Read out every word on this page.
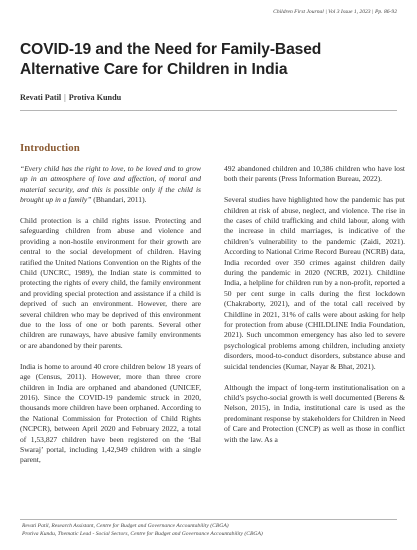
Children First Journal | Vol 3 Issue 1, 2023 | Pp. 86-92
COVID-19 and the Need for Family-Based Alternative Care for Children in India
Revati Patil | Protiva Kundu
Introduction

“Every child has the right to love, to be loved and to grow up in an atmosphere of love and affection, of moral and material security, and this is possible only if the child is brought up in a family” (Bhandari, 2011).

Child protection is a child rights issue. Protecting and safeguarding children from abuse and violence and providing a non-hostile environment for their growth are central to the social development of children. Having ratified the United Nations Convention on the Rights of the Child (UNCRC, 1989), the Indian state is committed to protecting the rights of every child, the family environment and providing special protection and assistance if a child is deprived of such an environment. However, there are several children who may be deprived of this environment due to the loss of one or both parents. Several other children are runaways, have abusive family environments or are abandoned by their parents.

India is home to around 40 crore children below 18 years of age (Census, 2011). However, more than three crore children in India are orphaned and abandoned (UNICEF, 2016). Since the COVID-19 pandemic struck in 2020, thousands more children have been orphaned. According to the National Commission for Protection of Child Rights (NCPCR), between April 2020 and February 2022, a total of 1,53,827 children have been registered on the ‘Bal Swaraj’ portal, including 1,42,949 children with a single parent,

492 abandoned children and 10,386 children who have lost both their parents (Press Information Bureau, 2022).

Several studies have highlighted how the pandemic has put children at risk of abuse, neglect, and violence. The rise in the cases of child trafficking and child labour, along with the increase in child marriages, is indicative of the children’s vulnerability to the pandemic (Zaidi, 2021). According to National Crime Record Bureau (NCRB) data, India recorded over 350 crimes against children daily during the pandemic in 2020 (NCRB, 2021). Childline India, a helpline for children run by a non-profit, reported a 50 per cent surge in calls during the first lockdown (Chakraborty, 2021), and of the total call received by Childline in 2021, 31% of calls were about asking for help for protection from abuse (CHILDLINE India Foundation, 2021). Such uncommon emergency has also led to severe psychological problems among children, including anxiety disorders, mood-to-conduct disorders, substance abuse and suicidal tendencies (Kumar, Nayar & Bhat, 2021).

Although the impact of long-term institutionalisation on a child’s psycho-social growth is well documented (Berens & Nelson, 2015), in India, institutional care is used as the predominant response by stakeholders for Children in Need of Care and Protection (CNCP) as well as those in conflict with the law. As a

Revati Patil, Research Assistant, Centre for Budget and Governance Accountability (CBGA)
Protiva Kundu, Thematic Lead - Social Sectors, Centre for Budget and Governance Accountability (CBGA)
